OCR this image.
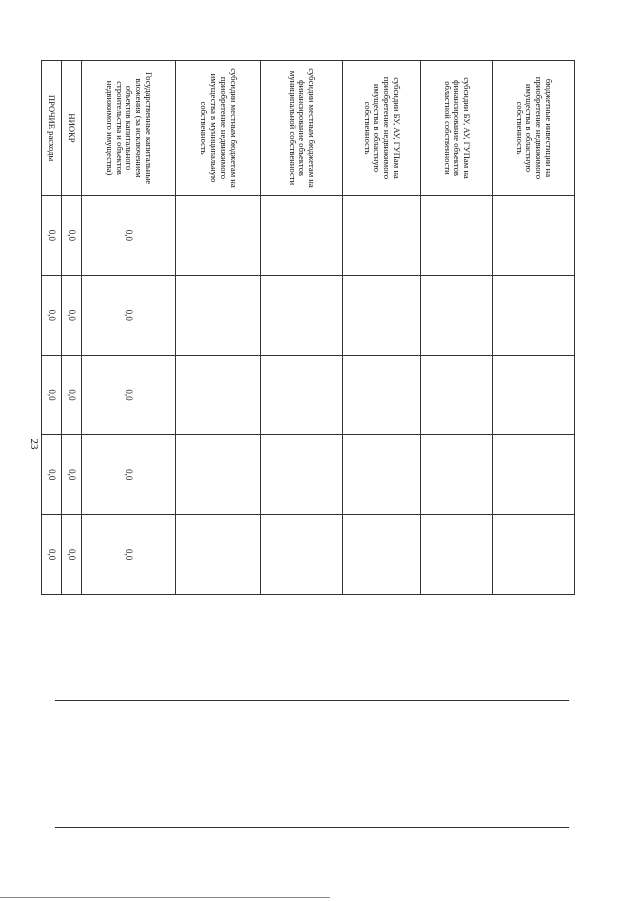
23
бюджетные инвестиции на приобретение недвижимого имущества в областную собственность					
субсидии БУ, АУ, ГУПам на финансирование объектов областной собственности					
субсидии БУ, АУ, ГУПам на приобретение недвижимого имущества в областную собственность					
субсидии местным бюджетам на финансирование объектов муниципальной собственности					
субсидии местным бюджетам на приобретение недвижимого имущества в муниципальную собственность					
Государственные капитальные вложения (за исключением объектов капитального строительства и объектов недвижимого имущества)	0,0	0,0	0,0	0,0	0,0
НИОКР	0,0	0,0	0,0	0,0	0,0
ПРОЧИЕ расходы	0,0	0,0	0,0	0,0	0,0
